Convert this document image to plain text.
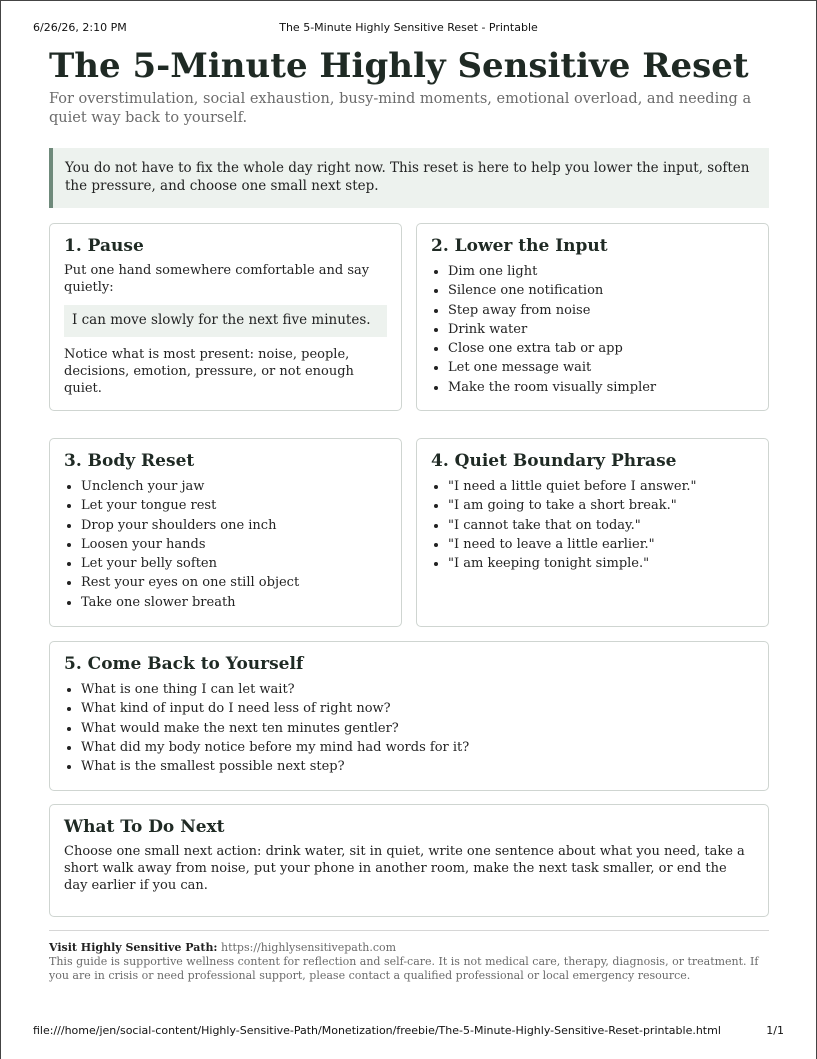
6/26/26, 2:10 PM	The 5-Minute Highly Sensitive Reset - Printable
The 5-Minute Highly Sensitive Reset
For overstimulation, social exhaustion, busy-mind moments, emotional overload, and needing a quiet way back to yourself.
You do not have to fix the whole day right now. This reset is here to help you lower the input, soften the pressure, and choose one small next step.
1. Pause

Put one hand somewhere comfortable and say quietly:

I can move slowly for the next five minutes.

Notice what is most present: noise, people, decisions, emotion, pressure, or not enough quiet.

2. Lower the Input
• Dim one light
• Silence one notification
• Step away from noise
• Drink water
• Close one extra tab or app
• Let one message wait
• Make the room visually simpler
3. Body Reset
• Unclench your jaw
• Let your tongue rest
• Drop your shoulders one inch
• Loosen your hands
• Let your belly soften
• Rest your eyes on one still object
• Take one slower breath
4. Quiet Boundary Phrase
• "I need a little quiet before I answer."
• "I am going to take a short break."
• "I cannot take that on today."
• "I need to leave a little earlier."
• "I am keeping tonight simple."
5. Come Back to Yourself
• What is one thing I can let wait?
• What kind of input do I need less of right now?
• What would make the next ten minutes gentler?
• What did my body notice before my mind had words for it?
• What is the smallest possible next step?
What To Do Next

Choose one small next action: drink water, sit in quiet, write one sentence about what you need, take a short walk away from noise, put your phone in another room, make the next task smaller, or end the day earlier if you can.

Visit Highly Sensitive Path: https://highlysensitivepath.com
This guide is supportive wellness content for reflection and self-care. It is not medical care, therapy, diagnosis, or treatment. If you are in crisis or need professional support, please contact a qualified professional or local emergency resource.
file:///home/jen/social-content/Highly-Sensitive-Path/Monetization/freebie/The-5-Minute-Highly-Sensitive-Reset-printable.html	1/1
